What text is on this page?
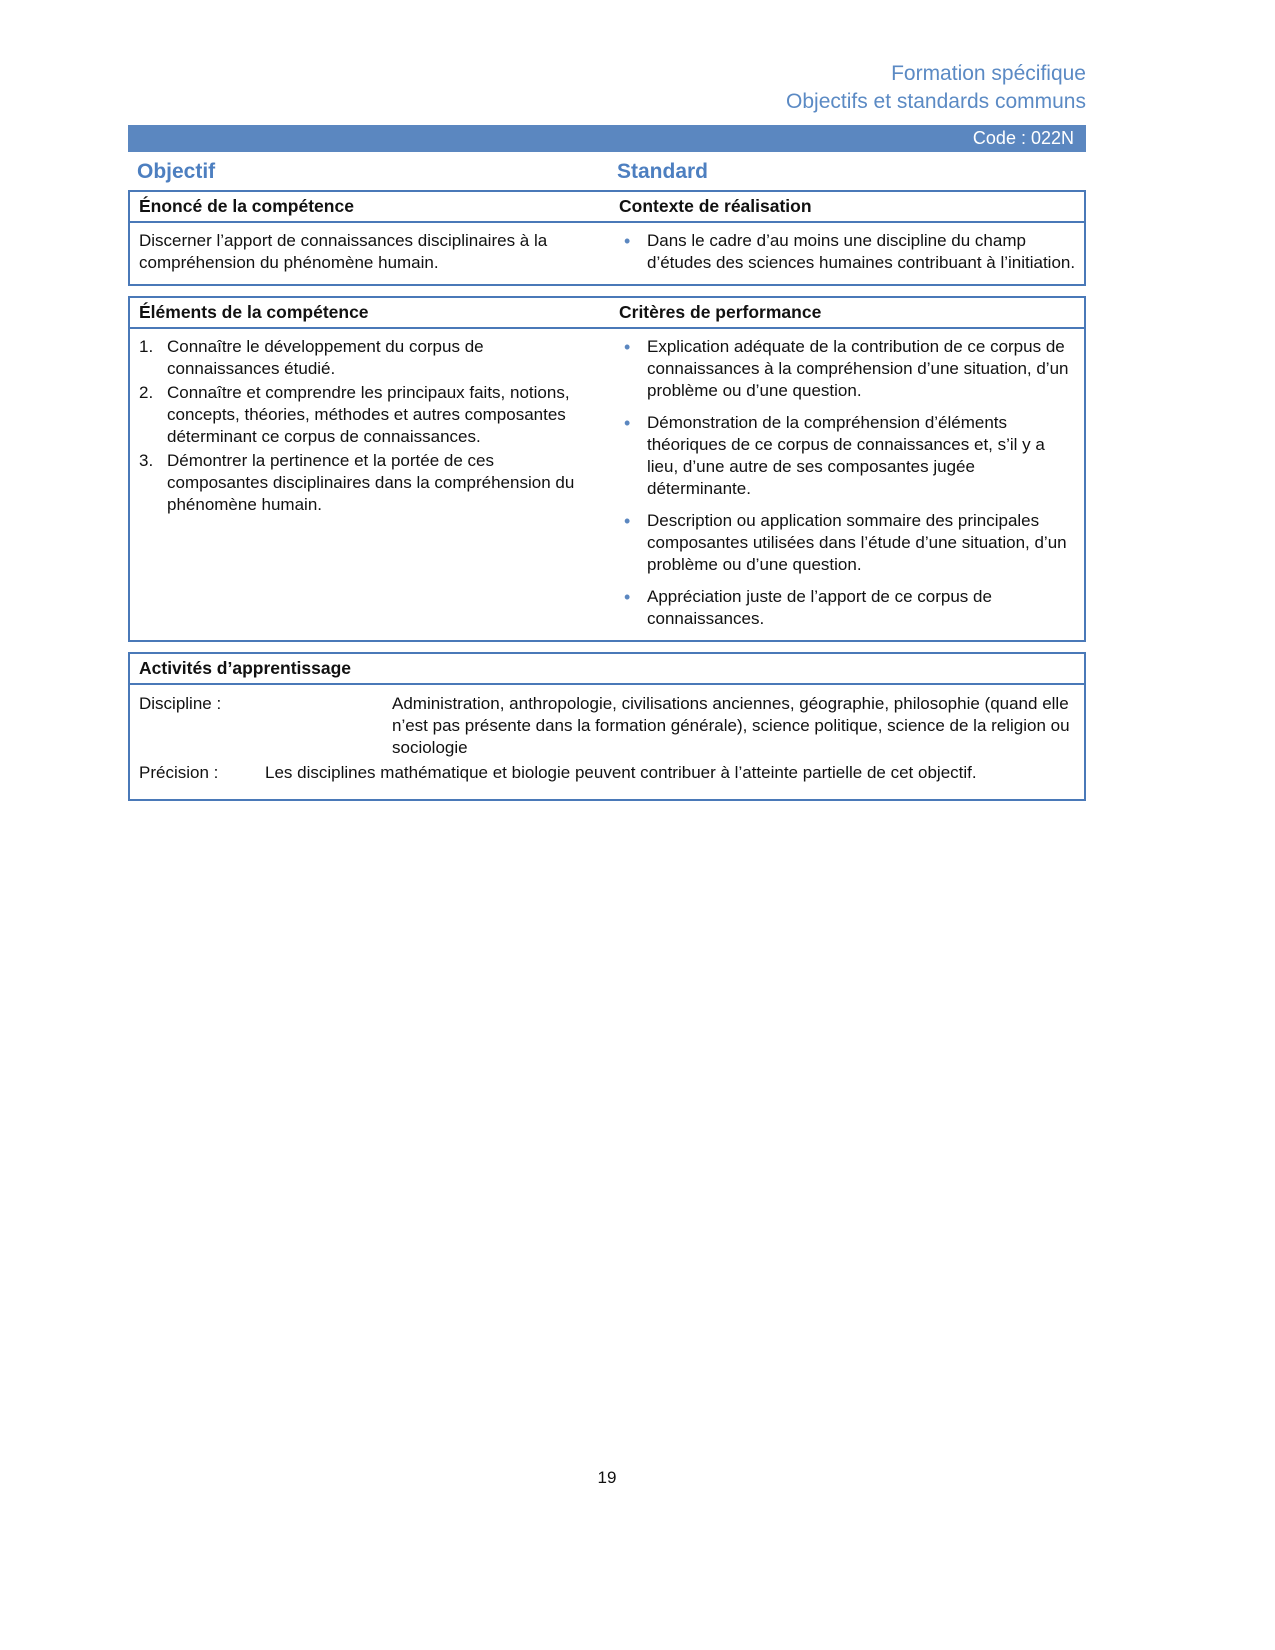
Formation spécifique
Objectifs et standards communs
Code : 022N
Objectif	Standard
Énoncé de la compétence	Contexte de réalisation

Discerner l’apport de connaissances disciplinaires à la compréhension du phénomène humain.

• Dans le cadre d’au moins une discipline du champ d’études des sciences humaines contribuant à l’initiation.
Éléments de la compétence	Critères de performance
1. Connaître le développement du corpus de connaissances étudié.
2. Connaître et comprendre les principaux faits, notions, concepts, théories, méthodes et autres composantes déterminant ce corpus de connaissances.
3. Démontrer la pertinence et la portée de ces composantes disciplinaires dans la compréhension du phénomène humain.
• Explication adéquate de la contribution de ce corpus de connaissances à la compréhension d’une situation, d’un problème ou d’une question.
• Démonstration de la compréhension d’éléments théoriques de ce corpus de connaissances et, s’il y a lieu, d’une autre de ses composantes jugée déterminante.
• Description ou application sommaire des principales composantes utilisées dans l’étude d’une situation, d’un problème ou d’une question.
• Appréciation juste de l’apport de ce corpus de connaissances.
Activités d’apprentissage
Discipline :	Administration, anthropologie, civilisations anciennes, géographie, philosophie (quand elle n’est pas présente dans la formation générale), science politique, science de la religion ou sociologie
Précision :	Les disciplines mathématique et biologie peuvent contribuer à l’atteinte partielle de cet objectif.
19
